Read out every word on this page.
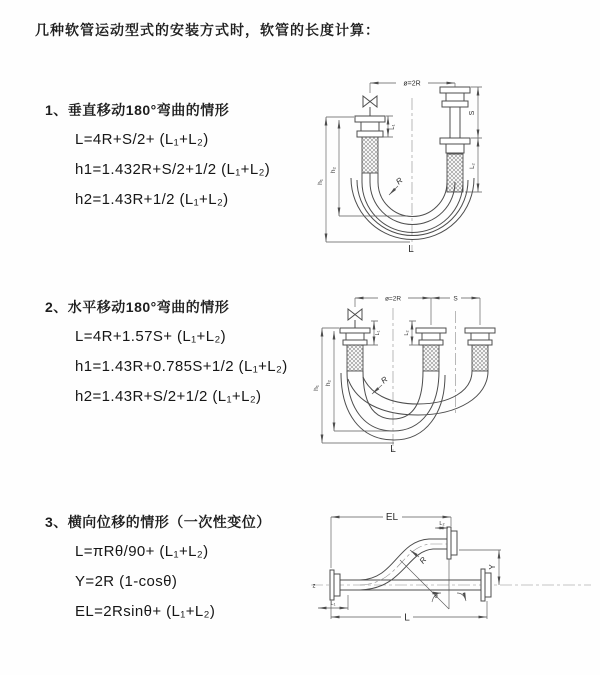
几种软管运动型式的安装方式时，软管的长度计算：
1、垂直移动180°弯曲的情形
L=4R+S/2+ (L₁+L₂)
h1=1.432R+S/2+1/2 (L₁+L₂)
h2=1.43R+1/2 (L₁+L₂)
2、水平移动180°弯曲的情形
L=4R+1.57S+ (L₁+L₂)
h1=1.43R+0.785S+1/2 (L₁+L₂)
h2=1.43R+S/2+1/2 (L₁+L₂)
3、横向位移的情形（一次性变位）
L=πRθ/90+ (L₁+L₂)
Y=2R (1-cosθ)
EL=2Rsinθ+ (L₁+L₂)
ø=2R
S
L₂
L₁
h₁
h₂
R
L
ø=2R	S
h₁
h₂
L₁	L₂
R
L
z
θ
R
EL
L₂
Y
L
L₁
